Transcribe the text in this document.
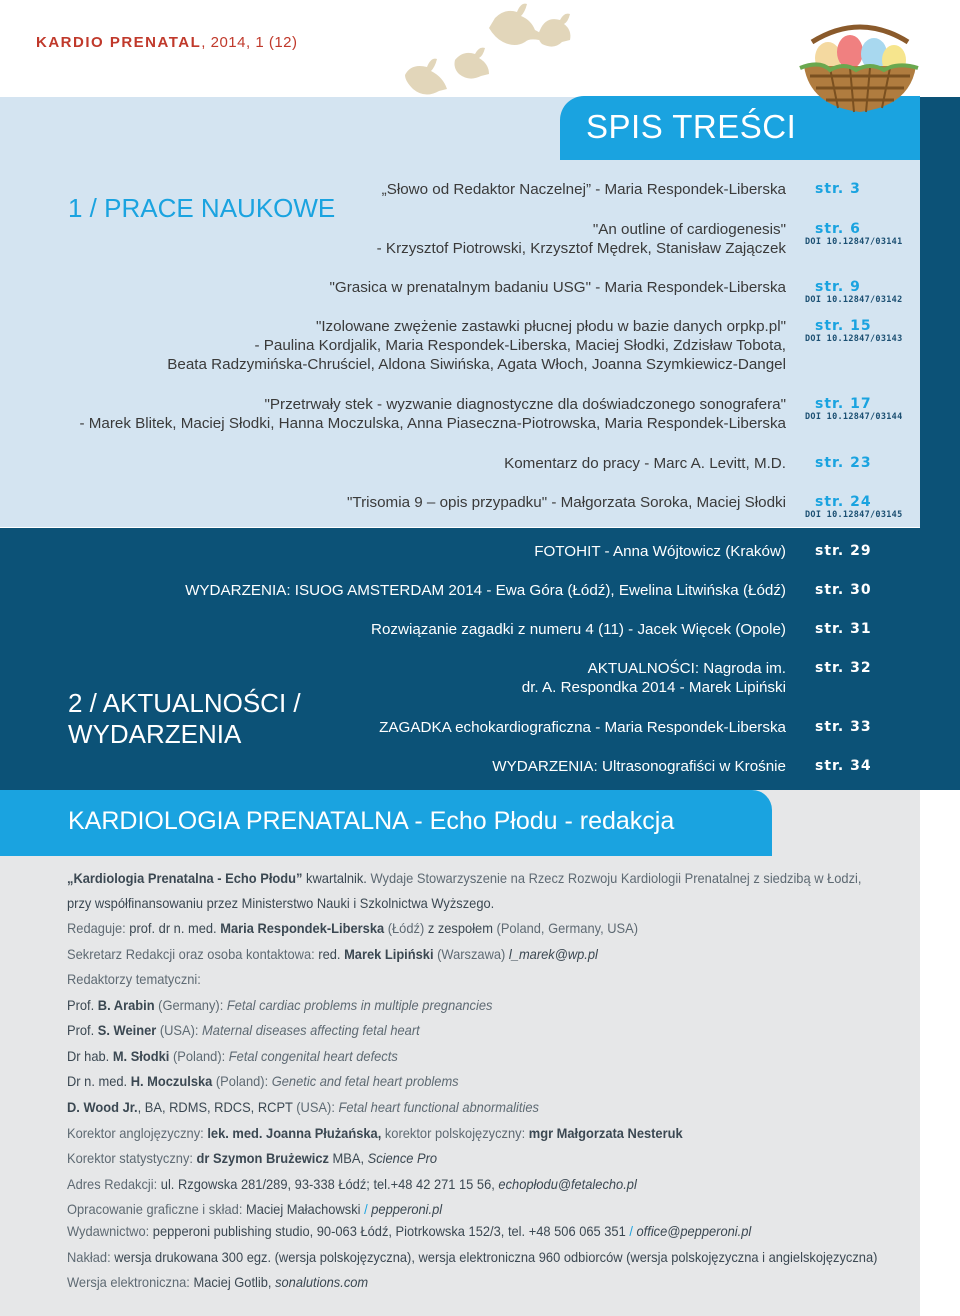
KARDIO PRENATAL, 2014, 1 (12)
SPIS TREŚCI
1 / PRACE NAUKOWE
„Słowo od Redaktor Naczelnej” - Maria Respondek-Liberska str. 3
"An outline of cardiogenesis"
- Krzysztof Piotrowski, Krzysztof Mędrek, Stanisław Zajączek
str. 6
DOI 10.12847/03141
"Grasica w prenatalnym badaniu USG" - Maria Respondek-Liberska str. 9
DOI 10.12847/03142
"Izolowane zwężenie zastawki płucnej płodu w bazie danych orpkp.pl"
- Paulina Kordjalik, Maria Respondek-Liberska, Maciej Słodki, Zdzisław Tobota,
Beata Radzymińska-Chruściel, Aldona Siwińska, Agata Włoch, Joanna Szymkiewicz-Dangel
str. 15
DOI 10.12847/03143
"Przetrwały stek - wyzwanie diagnostyczne dla doświadczonego sonografera"
- Marek Blitek, Maciej Słodki, Hanna Moczulska, Anna Piaseczna-Piotrowska, Maria Respondek-Liberska
str. 17
DOI 10.12847/03144
Komentarz do pracy - Marc A. Levitt, M.D. str. 23
"Trisomia 9 – opis przypadku" - Małgorzata Soroka, Maciej Słodki str. 24
DOI 10.12847/03145
2 / AKTUALNOŚCI /
WYDARZENIA
FOTOHIT - Anna Wójtowicz (Kraków) str. 29
WYDARZENIA: ISUOG AMSTERDAM 2014 - Ewa Góra (Łódź), Ewelina Litwińska (Łódź) str. 30
Rozwiązanie zagadki z numeru 4 (11) - Jacek Więcek (Opole) str. 31
AKTUALNOŚCI: Nagroda im.
dr. A. Respondka 2014 - Marek Lipiński
str. 32
ZAGADKA echokardiograficzna - Maria Respondek-Liberska str. 33
WYDARZENIA: Ultrasonografiści w Krośnie str. 34
KARDIOLOGIA PRENATALNA - Echo Płodu - redakcja
„Kardiologia Prenatalna - Echo Płodu” kwartalnik. Wydaje Stowarzyszenie na Rzecz Rozwoju Kardiologii Prenatalnej z siedzibą w Łodzi,
przy współfinansowaniu przez Ministerstwo Nauki i Szkolnictwa Wyższego.
Redaguje: prof. dr n. med. Maria Respondek-Liberska (Łódź) z zespołem (Poland, Germany, USA)
Sekretarz Redakcji oraz osoba kontaktowa: red. Marek Lipiński (Warszawa) l_marek@wp.pl
Redaktorzy tematyczni:
Prof. B. Arabin (Germany): Fetal cardiac problems in multiple pregnancies
Prof. S. Weiner (USA): Maternal diseases affecting fetal heart
Dr hab. M. Słodki (Poland): Fetal congenital heart defects
Dr n. med. H. Moczulska (Poland): Genetic and fetal heart problems
D. Wood Jr., BA, RDMS, RDCS, RCPT (USA): Fetal heart functional abnormalities
Korektor anglojęzyczny: lek. med. Joanna Płużańska, korektor polskojęzyczny: mgr Małgorzata Nesteruk
Korektor statystyczny: dr Szymon Brużewicz MBA, Science Pro
Adres Redakcji: ul. Rzgowska 281/289, 93-338 Łódź; tel.+48 42 271 15 56, echopłodu@fetalecho.pl
Opracowanie graficzne i skład: Maciej Małachowski / pepperoni.pl
Wydawnictwo: pepperoni publishing studio, 90-063 Łódź, Piotrkowska 152/3, tel. +48 506 065 351 / office@pepperoni.pl
Nakład: wersja drukowana 300 egz. (wersja polskojęzyczna), wersja elektroniczna 960 odbiorców (wersja polskojęzyczna i angielskojęzyczna)
Wersja elektroniczna: Maciej Gotlib, sonalutions.com
